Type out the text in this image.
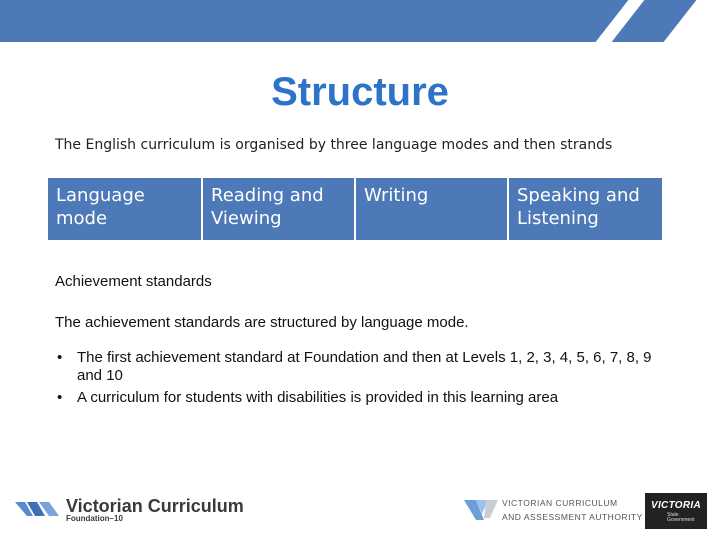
Structure
The English curriculum is organised by three language modes and then strands
Language mode
Reading and Viewing
Writing	Speaking and Listening
Achievement standards
The achievement standards are structured by language mode.
• The first achievement standard at Foundation and then at Levels 1, 2, 3, 4, 5, 6, 7, 8, 9 and 10
• A curriculum for students with disabilities is provided in this learning area
Victorian Curriculum
Foundation–10
VICTORIAN CURRICULUM
AND ASSESSMENT AUTHORITY
VICTORIA
State
Government
